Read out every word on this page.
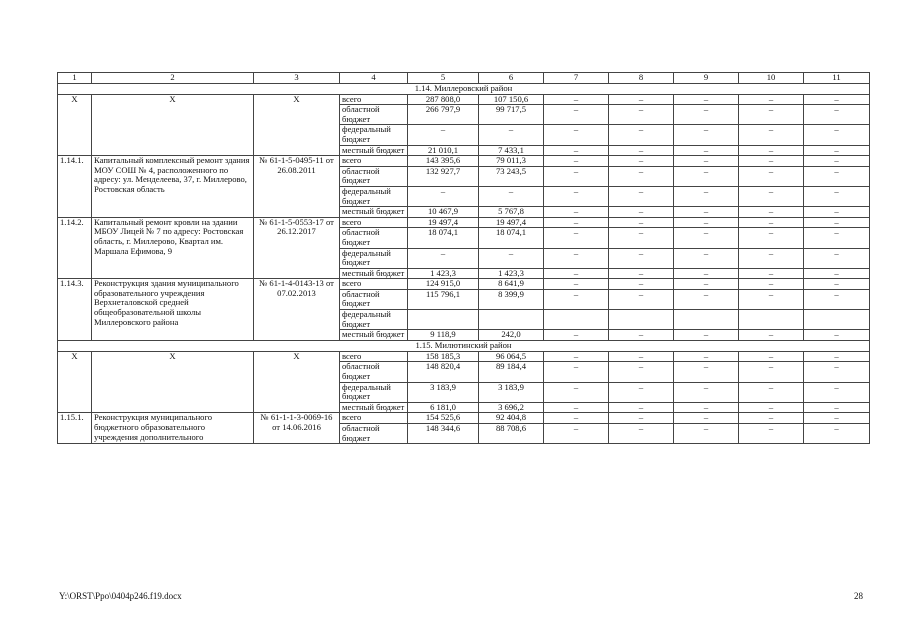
1	2	3	4	5	6	7	8	9	10	11
1.14. Миллеровский район										
X	X	X	всего	287 808,0	107 150,6	–	–	–	–	–
			областной бюджет	266 797,9	99 717,5	–	–	–	–	–
			федеральный бюджет	–	–	–	–	–	–	–
			местный бюджет	21 010,1	7 433,1	–	–	–	–	–
1.14.1.	Капитальный комплексный ремонт здания МОУ СОШ № 4, расположенного по адресу: ул. Менделеева, 37, г. Миллерово, Ростовская область	№ 61-1-5-0495-11 от 26.08.2011	всего	143 395,6	79 011,3	–	–	–	–	–
			областной бюджет	132 927,7	73 243,5	–	–	–	–	–
			федеральный бюджет	–	–	–	–	–	–	–
			местный бюджет	10 467,9	5 767,8	–	–	–	–	–
1.14.2.	Капитальный ремонт кровли на здании МБОУ Лицей № 7 по адресу: Ростовская область, г. Миллерово, Квартал им. Маршала Ефимова, 9	№ 61-1-5-0553-17 от 26.12.2017	всего	19 497,4	19 497,4	–	–	–	–	–
			областной бюджет	18 074,1	18 074,1	–	–	–	–	–
			федеральный бюджет	–	–	–	–	–	–	–
			местный бюджет	1 423,3	1 423,3	–	–	–	–	–
1.14.3.	Реконструкция здания муниципального образовательного учреждения Верхнеталовской средней общеобразовательной школы Миллеровского района	№ 61-1-4-0143-13 от 07.02.2013	всего	124 915,0	8 641,9	–	–	–	–	–
			областной бюджет	115 796,1	8 399,9	–	–	–	–	–
			федеральный бюджет							
			местный бюджет	9 118,9	242,0	–	–	–	–	–
1.15. Милютинский район										
X	X	X	всего	158 185,3	96 064,5	–	–	–	–	–
			областной бюджет	148 820,4	89 184,4	–	–	–	–	–
			федеральный бюджет	3 183,9	3 183,9	–	–	–	–	–
			местный бюджет	6 181,0	3 696,2	–	–	–	–	–
1.15.1.	Реконструкция муниципального бюджетного образовательного учреждения дополнительного	№ 61-1-1-3-0069-16 от 14.06.2016	всего	154 525,6	92 404,8	–	–	–	–	–
			областной бюджет	148 344,6	88 708,6	–	–	–	–	–
Y:\ORST\Ppo\0404p246.f19.docx	28
